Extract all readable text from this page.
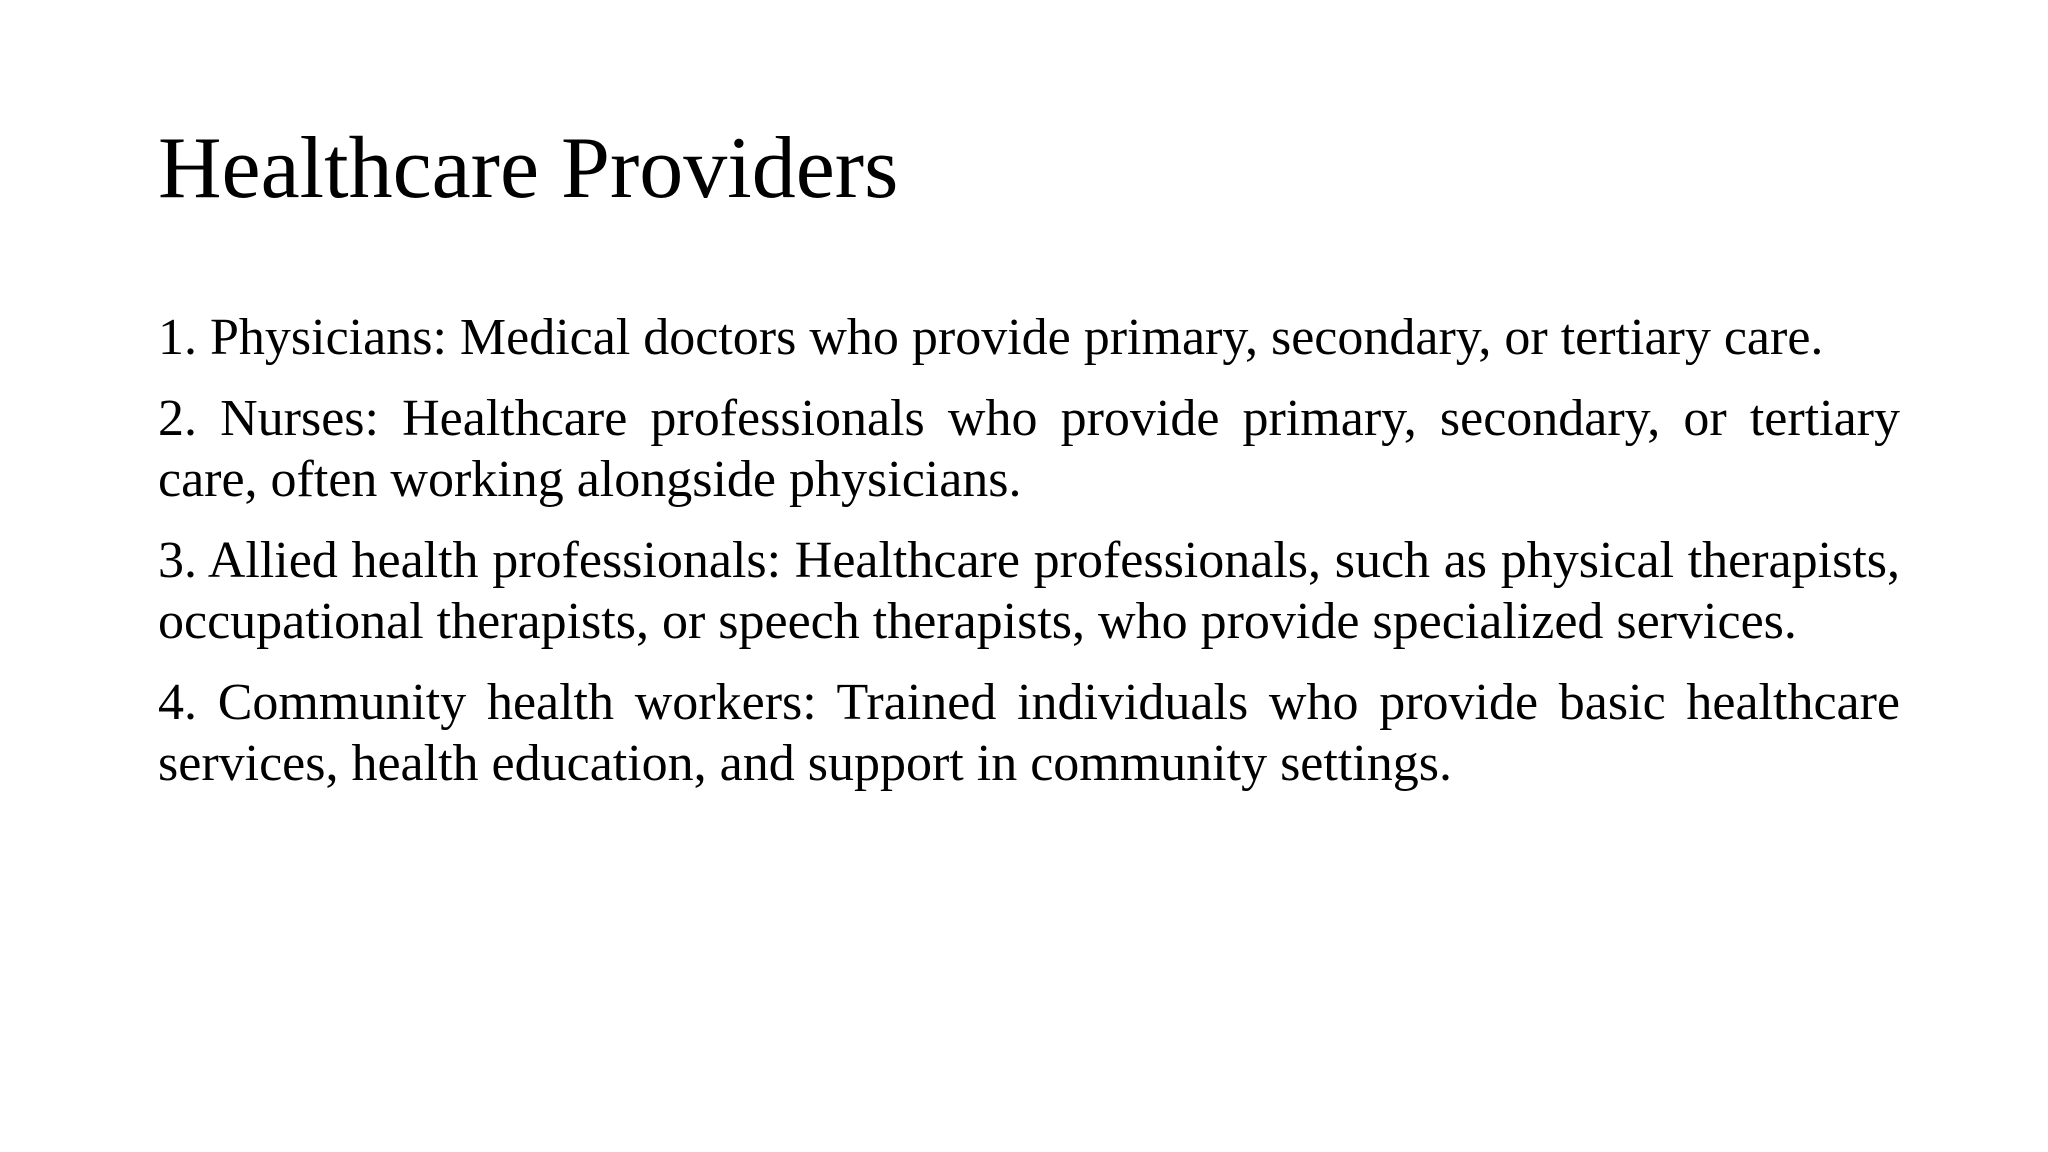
Healthcare Providers
1. Physicians: Medical doctors who provide primary, secondary, or tertiary care.
2. Nurses: Healthcare professionals who provide primary, secondary, or tertiary care, often working alongside physicians.
3. Allied health professionals: Healthcare professionals, such as physical therapists, occupational therapists, or speech therapists, who provide specialized services.
4. Community health workers: Trained individuals who provide basic healthcare services, health education, and support in community settings.
